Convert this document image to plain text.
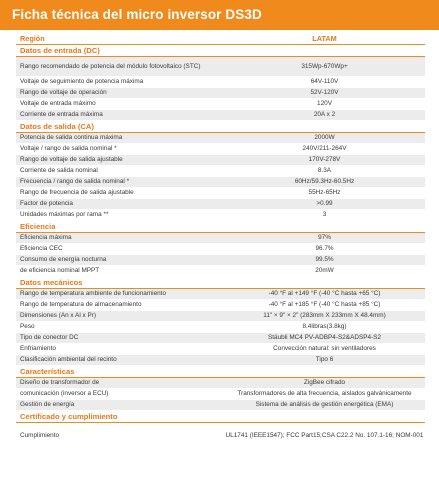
Ficha técnica del micro inversor DS3D
Región	LATAM
Datos de entrada (DC)
Rango recomendado de potencia del módulo fotovoltaico (STC)	315Wp-670Wp+
Voltaje de seguimiento de potencia máxima	64V-110V
Rango de voltaje de operación	52V-120V
Voltaje de entrada máximo	120V
Corriente de entrada máxima	20A x 2
Datos de salida (CA)
Potencia de salida continua máxima	2000W
Voltaje / rango de salida nominal *	240V/211-264V
Rango de voltaje de salida ajustable	170V-278V
Corriente de salida nominal	8.3A
Frecuencia / rango de salida nominal *	60Hz/59.3Hz-60.5Hz
Rango de frecuencia de salida ajustable	55Hz-65Hz
Factor de potencia	>0.99
Unidades máximas por rama **	3
Eficiencia
Eficiencia máxima	97%
Eficiencia CEC	96.7%
Consumo de energía nocturna	99.5%
de eficiencia nominal MPPT	20mW
Datos mecánicos
Rango de temperatura ambiente de funcionamiento	-40 °F al +149 °F (-40 °C hasta +65 °C)
Rango de temperatura de almacenamiento	-40 °F al +185 °F (-40 °C hasta +85 °C)
Dimensiones (An x Al x Pr)	11" × 9" × 2" (283mm X 233mm X 48.4mm)
Peso	8.4libras(3.8kg)
Tipo de conector DC	Stäubli MC4 PV-ADBP4-S2&ADSP4-S2
Enfriamiento	Convección natural: sin ventiladores
Clasificación ambiental del recinto	Tipo 6
Características
Diseño de transformador de	ZigBee cifrado
comunicación (inversor a ECU)	Transformadores de alta frecuencia, aislados galvánicamente
Gestión de energía	Sistema de análisis de gestión energética (EMA)
Certificado y cumplimiento
Cumplimiento	UL1741 (IEEE1547); FCC Part15;CSA C22.2 No. 107.1-16; NOM-001
